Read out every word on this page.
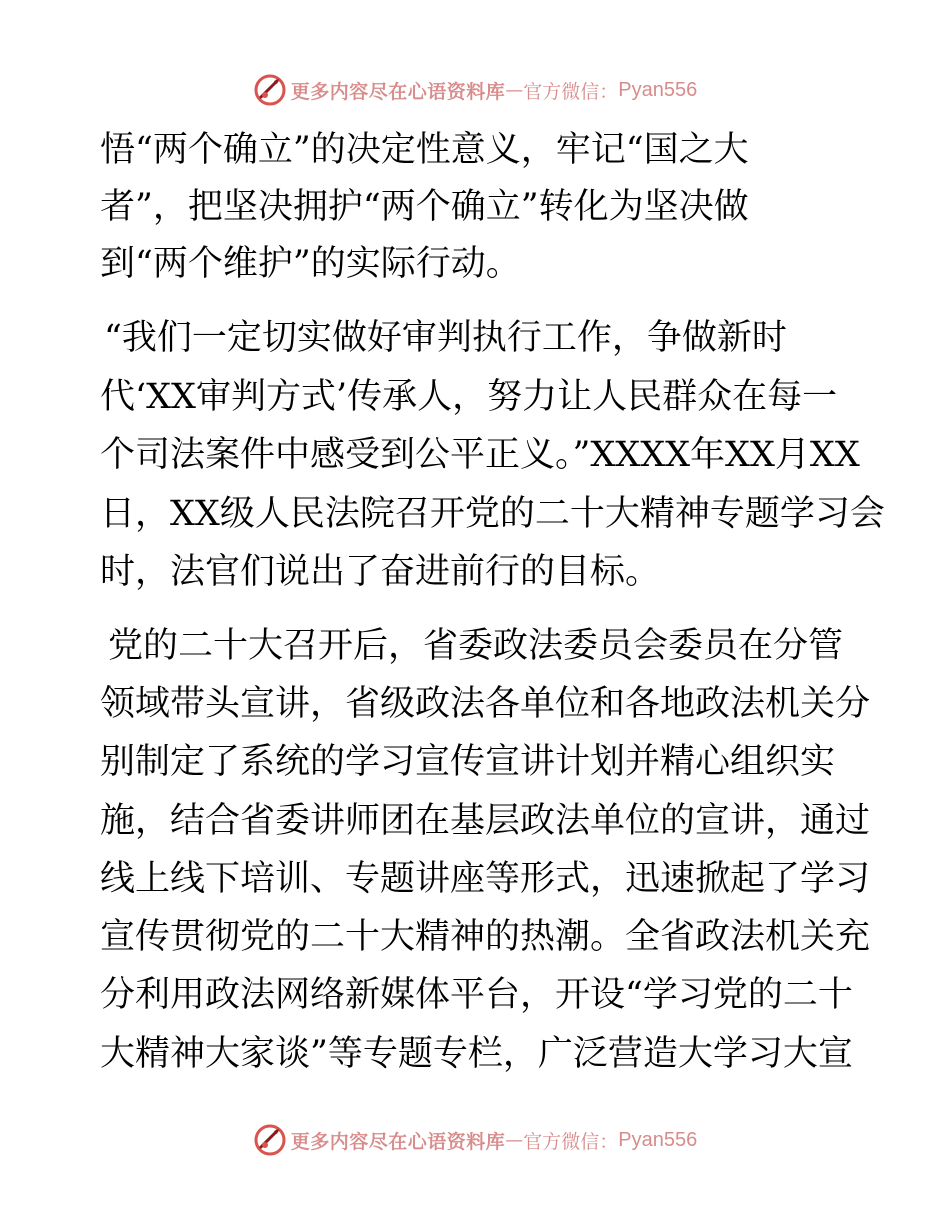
更多内容尽在心语资料库 — 官方微信： Pyan556
悟“两个确立”的决定性意义，牢记“国之大
者”，把坚决拥护“两个确立”转化为坚决做
到“两个维护”的实际行动。
“我们一定切实做好审判执行工作，争做新时
代‘XX审判方式’传承人，努力让人民群众在每一
个司法案件中感受到公平正义。”XXXX年XX月XX
日，XX级人民法院召开党的二十大精神专题学习会
时，法官们说出了奋进前行的目标。
党的二十大召开后，省委政法委员会委员在分管
领域带头宣讲，省级政法各单位和各地政法机关分
别制定了系统的学习宣传宣讲计划并精心组织实
施，结合省委讲师团在基层政法单位的宣讲，通过
线上线下培训、专题讲座等形式，迅速掀起了学习
宣传贯彻党的二十大精神的热潮。全省政法机关充
分利用政法网络新媒体平台，开设“学习党的二十
大精神大家谈”等专题专栏，广泛营造大学习大宣
更多内容尽在心语资料库 — 官方微信： Pyan556
